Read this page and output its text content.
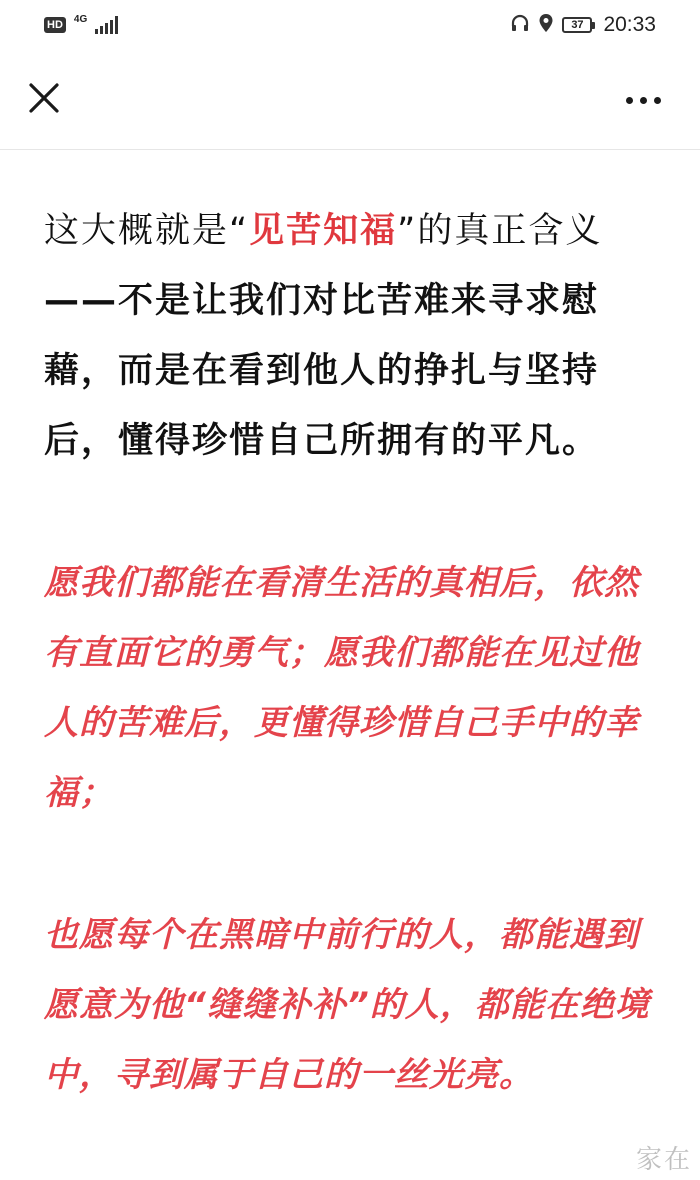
HD	4G	37 20:33

这大概就是“见苦知福”的真正含义——不是让我们对比苦难来寻求慰藉，而是在看到他人的挣扎与坚持后，懂得珍惜自己所拥有的平凡。

愿我们都能在看清生活的真相后，依然有直面它的勇气；愿我们都能在见过他人的苦难后，更懂得珍惜自己手中的幸福；

也愿每个在黑暗中前行的人，都能遇到愿意为他“缝缝补补”的人，都能在绝境中，寻到属于自己的一丝光亮。

家在
